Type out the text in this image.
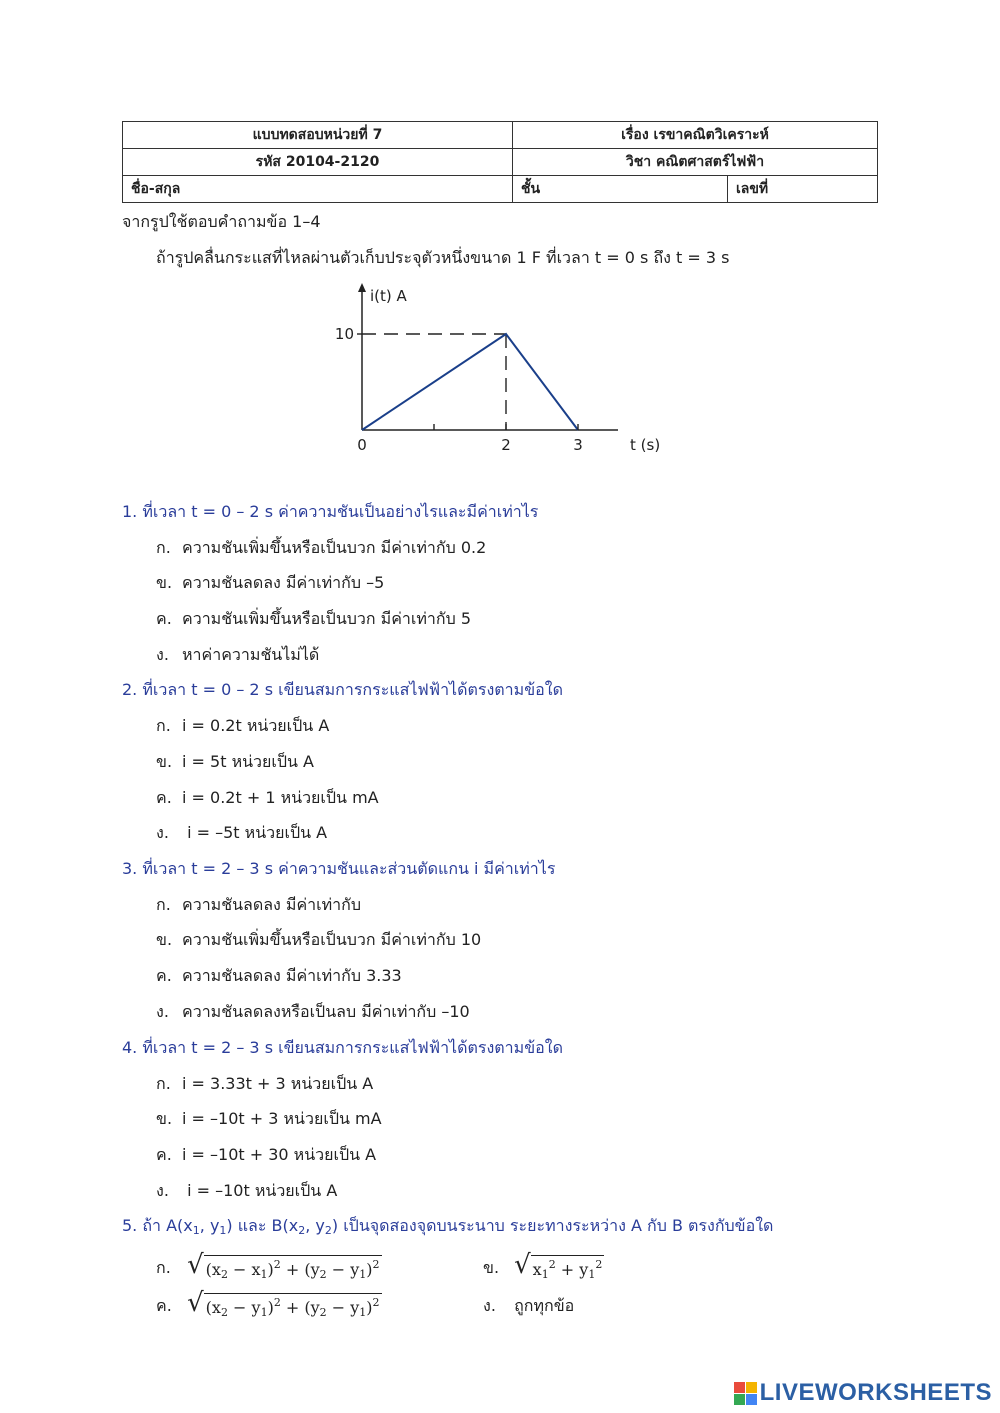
แบบทดสอบหน่วยที่ 7	เรื่อง เรขาคณิตวิเคราะห์	
รหัส 20104-2120	วิชา คณิตศาสตร์ไฟฟ้า	
ชื่อ-สกุล	ชั้น	เลขที่
จากรูปใช้ตอบคำถามข้อ 1–4
ถ้ารูปคลื่นกระแสที่ไหลผ่านตัวเก็บประจุตัวหนึ่งขนาด 1 F ที่เวลา t = 0 s ถึง t = 3 s
0	2	3
10
i(t) A
t (s)
1. ที่เวลา t = 0 – 2 s ค่าความชันเป็นอย่างไรและมีค่าเท่าไร
ก. ความชันเพิ่มขึ้นหรือเป็นบวก มีค่าเท่ากับ 0.2
ข. ความชันลดลง มีค่าเท่ากับ –5
ค. ความชันเพิ่มขึ้นหรือเป็นบวก มีค่าเท่ากับ 5
ง. หาค่าความชันไม่ได้
2. ที่เวลา t = 0 – 2 s เขียนสมการกระแสไฟฟ้าได้ตรงตามข้อใด
ก. i = 0.2t หน่วยเป็น A
ข. i = 5t หน่วยเป็น A
ค. i = 0.2t + 1 หน่วยเป็น mA
ง. i = –5t หน่วยเป็น A
3. ที่เวลา t = 2 – 3 s ค่าความชันและส่วนตัดแกน i มีค่าเท่าไร
ก. ความชันลดลง มีค่าเท่ากับ
ข. ความชันเพิ่มขึ้นหรือเป็นบวก มีค่าเท่ากับ 10
ค. ความชันลดลง มีค่าเท่ากับ 3.33
ง. ความชันลดลงหรือเป็นลบ มีค่าเท่ากับ –10
4. ที่เวลา t = 2 – 3 s เขียนสมการกระแสไฟฟ้าได้ตรงตามข้อใด
ก. i = 3.33t + 3 หน่วยเป็น A
ข. i = –10t + 3 หน่วยเป็น mA
ค. i = –10t + 30 หน่วยเป็น A
ง. i = –10t หน่วยเป็น A
5. ถ้า $A(x_1$, $y_1$) และ $B(x_2$, $y_2$) เป็นจุดสองจุดบนระนาบ ระยะทางระหว่าง A กับ B ตรงกับข้อใด
ก. √ $(x_2 - x_1)^2 + (y_2 - y_1)^2$	ข. √ $x_1^2 + y_1^2$
ค. √ $(x_2 - y_1)^2 + (y_2 - y_1)^2$	ง. ถูกทุกข้อ
LIVEWORKSHEETS
